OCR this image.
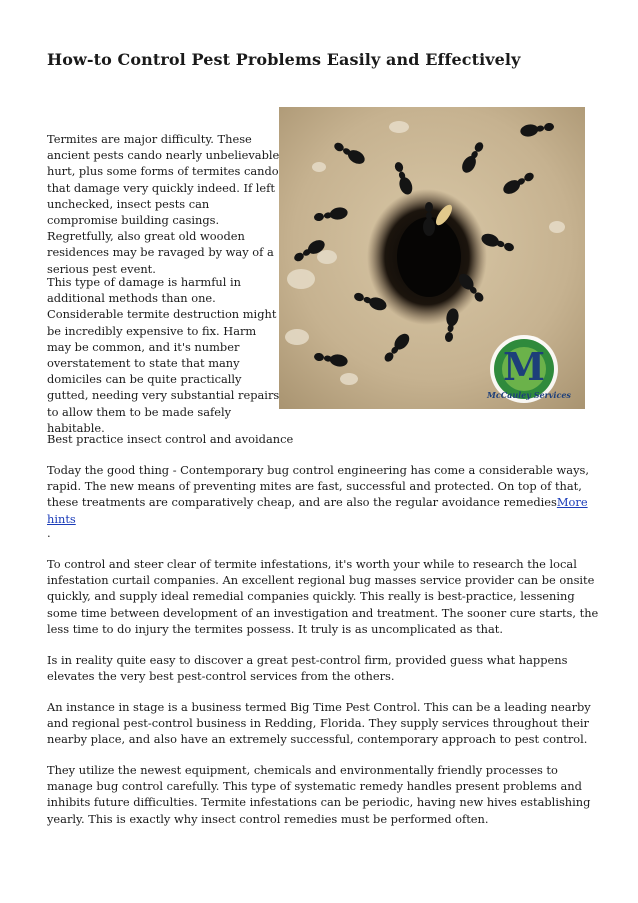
How-to Control Pest Problems Easily and Effectively

Termites are major difficulty. These ancient pests cando nearly unbelievable hurt, plus some forms of termites cando that damage very quickly indeed. If left unchecked, insect pests can compromise building casings. Regretfully, also great old wooden residences may be ravaged by way of a serious pest event.

This type of damage is harmful in additional methods than one. Considerable termite destruction might be incredibly expensive to fix. Harm may be common, and it's number overstatement to state that many domiciles can be quite practically gutted, needing very substantial repairs to allow them to be made safely habitable.

Best practice insect control and avoidance

Today the good thing - Contemporary bug control engineering has come a considerable ways, rapid. The new means of preventing mites are fast, successful and protected. On top of that, these treatments are comparatively cheap, and are also the regular avoidance remediesMore hints

.

To control and steer clear of termite infestations, it's worth your while to research the local infestation curtail companies. An excellent regional bug masses service provider can be onsite quickly, and supply ideal remedial companies quickly. This really is best-practice, lessening some time between development of an investigation and treatment. The sooner cure starts, the less time to do injury the termites possess. It truly is as uncomplicated as that.

Is in reality quite easy to discover a great pest-control firm, provided guess what happens elevates the very best pest-control services from the others.

An instance in stage is a business termed Big Time Pest Control. This can be a leading nearby and regional pest-control business in Redding, Florida. They supply services throughout their nearby place, and also have an extremely successful, contemporary approach to pest control.

They utilize the newest equipment, chemicals and environmentally friendly processes to manage bug control carefully. This type of systematic remedy handles present problems and inhibits future difficulties. Termite infestations can be periodic, having new hives establishing yearly. This is exactly why insect control remedies must be performed often.

M
McCauley Services
